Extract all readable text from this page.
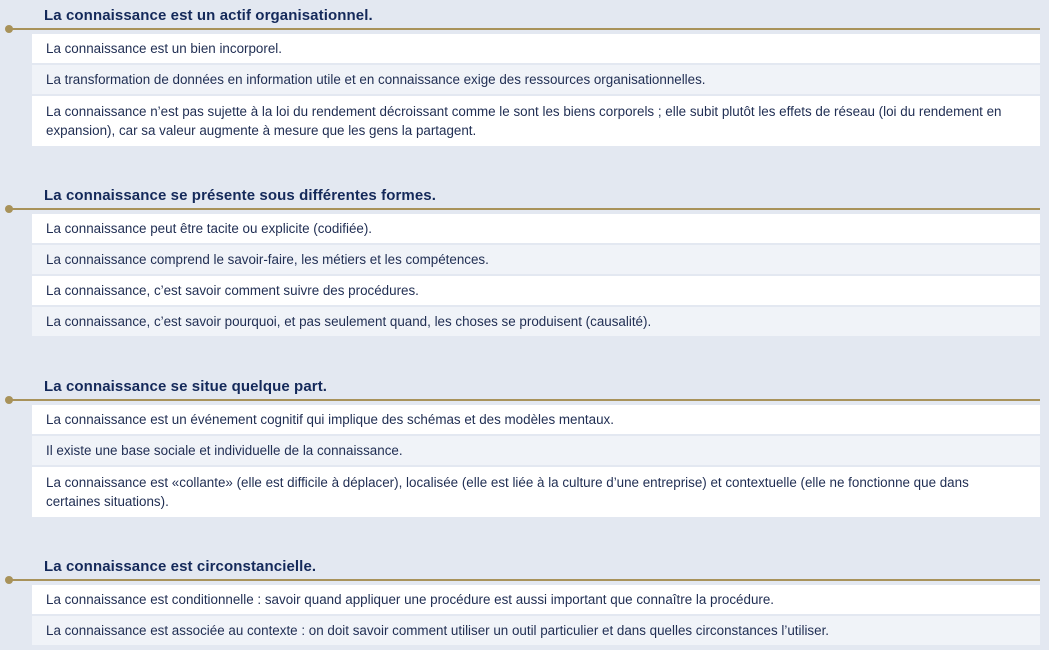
La connaissance est un actif organisationnel.
La connaissance est un bien incorporel.
La transformation de données en information utile et en connaissance exige des ressources organisationnelles.
La connaissance n’est pas sujette à la loi du rendement décroissant comme le sont les biens corporels ; elle subit plutôt les effets de réseau (loi du rendement en expansion), car sa valeur augmente à mesure que les gens la partagent.
La connaissance se présente sous différentes formes.
La connaissance peut être tacite ou explicite (codifiée).
La connaissance comprend le savoir-faire, les métiers et les compétences.
La connaissance, c’est savoir comment suivre des procédures.
La connaissance, c’est savoir pourquoi, et pas seulement quand, les choses se produisent (causalité).
La connaissance se situe quelque part.
La connaissance est un événement cognitif qui implique des schémas et des modèles mentaux.
Il existe une base sociale et individuelle de la connaissance.
La connaissance est «collante» (elle est difficile à déplacer), localisée (elle est liée à la culture d’une entreprise) et contextuelle (elle ne fonctionne que dans certaines situations).
La connaissance est circonstancielle.
La connaissance est conditionnelle : savoir quand appliquer une procédure est aussi important que connaître la procédure.
La connaissance est associée au contexte : on doit savoir comment utiliser un outil particulier et dans quelles circonstances l’utiliser.
